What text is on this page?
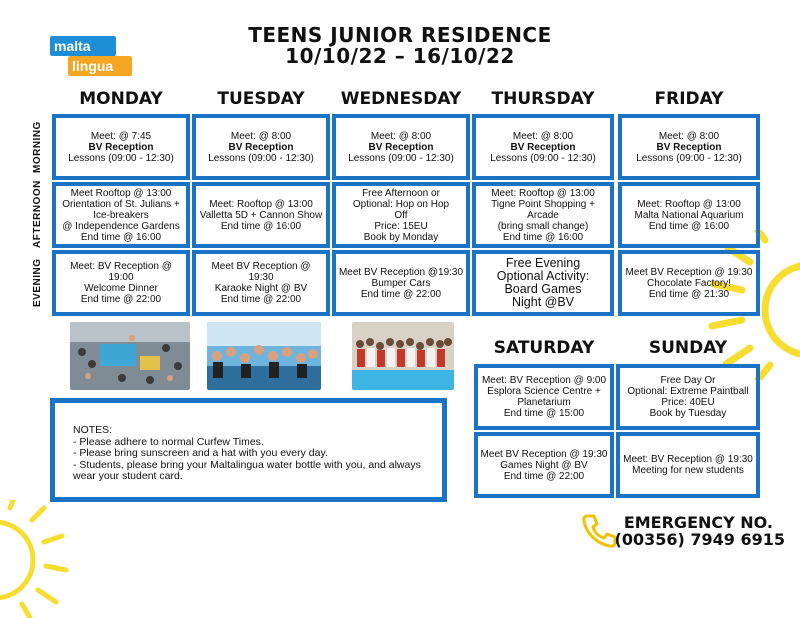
malta
lingua
TEENS JUNIOR RESIDENCE
10/10/22 – 16/10/22
MORNING
AFTERNOON
EVENING
MONDAY
Meet: @ 7:45
BV Reception
Lessons (09:00 - 12:30)
Meet Rooftop @ 13:00
Orientation of St. Julians +
Ice-breakers
@ Independence Gardens
End time @ 16:00
Meet: BV Reception @ 19:00
Welcome Dinner
End time @ 22:00
TUESDAY
Meet: @ 8:00
BV Reception
Lessons (09:00 - 12:30)
Meet: Rooftop @ 13:00
Valletta 5D + Cannon Show
End time @ 16:00
Meet BV Reception @ 19:30
Karaoke Night @ BV
End time @ 22:00
WEDNESDAY
Meet: @ 8:00
BV Reception
Lessons (09:00 - 12:30)
Free Afternoon or
Optional: Hop on Hop
Off
Price: 15EU
Book by Monday
Meet BV Reception @19:30
Bumper Cars
End time @ 22:00
THURSDAY
Meet: @ 8:00
BV Reception
Lessons (09:00 - 12:30)
Meet: Rooftop @ 13:00
Tigne Point Shopping + Arcade
(bring small change)
End time @ 16:00
Free Evening
Optional Activity:
Board Games
Night @BV
FRIDAY
Meet: @ 8:00
BV Reception
Lessons (09:00 - 12:30)
Meet: Rooftop @ 13:00
Malta National Aquarium
End time @ 16:00
Meet BV Reception @ 19:30
Chocolate Factory!
End time @ 21:30
NOTES:
- Please adhere to normal Curfew Times.
- Please bring sunscreen and a hat with you every day.
- Students, please bring your Maltalingua water bottle with you, and always
wear your student card.
SATURDAY	SUNDAY
Meet: BV Reception @ 9:00
Esplora Science Centre +
Planetarium
End time @ 15:00
Free Day Or
Optional: Extreme Paintball
Price: 40EU
Book by Tuesday
Meet BV Reception @ 19:30
Games Night @ BV
End time @ 22:00
Meet: BV Reception @ 19:30
Meeting for new students
EMERGENCY NO.
(00356) 7949 6915
